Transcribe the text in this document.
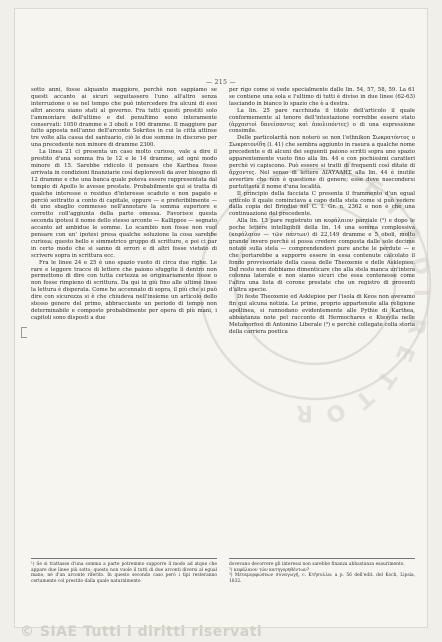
I
E
T
A
D
I
R
E
T
T
O
R
— 215 —

sotto anni, fosse alquanto maggiore, perchè non sappiamo se questi accanto ai sicuri seguitassero l'uno all'altro senza interruzione o se nel tempo che può intercedere fra alcuni di essi altri ancora siano stati al governo. Fra tutti questi prestiti solo l'ammontare dell'ultimo e del penultimo sono interamente conservati: 1050 dramme e 3 oboli e 190 dramme. Il maggiore par fatto apposta nell'anno dell'arconte Sokritos in cui la città attinse tre volte alla cassa del santuario, ciò le due somme in discorso per una precedente non minore di dramme 2300.

La linea 21 ci presenta un caso molto curioso, vale a dire il prestito d'una somma fra le 12 e le 14 dramme, ad ogni modo minore di 15. Sarebbe ridicolo il pensare che Karthea fosse arrivata in condizioni finanziarie così deplorevoli da aver bisogno di 12 dramme e che una banca quale poteva essere rappresentata dal tempio di Apollo le avesse prestate. Probabilmente qui si tratta di qualche interesse o residuo d'interesse scaduto e non pagato e perciò sottratto a conto di capitale, oppure — e preferibilmente — di uno sbaglio commesso nell'annotare la somma superiore e corretto coll'aggiunta della parte omessa. Favorisce questa seconda ipotesi il nome dello stesso arconte — Kallippos — segnato accanto ad ambidue le somme. Lo scambio non fosse non vuol pensare con un' ipotesi presa qualche soluzione la cosa sarebbe curiosa; questo bello e simmetrico gruppo di scritture, e poi ci par in certo modo che si sanno di errori e di altri fosse vietato di scrivere sopra in scrittura ecc.

Fra le linee 24 e 25 è uno spazio vuoto di circa due righe. Le rare e leggere tracce di lettere che paiono sfuggite lì dentro non permettono di dire con tutta certezza se originariamente fosse o non fosse rimpieno di scrittura. Da qui in giù fino alle ultime linee la lettura è disperata. Come ho accennato di sopra, il più che si può dire con sicurezza si è che chiudeva nell'insieme un articolo dello stesso genere del primo, abbracciante un periodo di tempo non determinabile e composto probabilmente per opera di più mani, i capitoli sono disposti a due

per rigo come si vede specialmente dalle lin. 54, 57, 58, 59. La 61 se contiene una sola e l'ultimo di tutti è diviso in due linee (62-63) lasciando in bianco lo spazio che è a destra.

La lin. 25 pare racchiuda il titolo dell'articolo il quale conformemente al tenore dell'intestazione vorrebbe essere stato (ἀρχαστοὶ δανείσαντες καὶ ἀπολιπόντες) o di una espressione consimile.

Delle particolarità non noterò se non l'ethnikon Σωκρατόντος ο Σωκρατονίδη (l. 41) che sembra aggiunto in rasura a qualche nome precedente e di alcuni dei seguenti paiono scritti sopra uno spazio apparentemente vuoto fino alla lin. 44 e con pochissimi caratteri perchè vi capiscono. Può essere si tratti di frequenti così ditate di ἄρχοντες. Nel senso di lettere ΔΙΑΥΑΔΗΣ alla lin. 44 è inutile avvertire che non è questione di genere; esse deve nascondersi purtuttavia il nome d'una località.

Il principio della facciata C presenta il frammento d'un egual articolo il quale cominciava a capo della stela come si può vedere dalla copia del Brindisi nel C. I. Gr. n. 2362 e non è che una continuazione del precedente.

Alla lin. 13 pare registrato un κεφάλαιον parziale (²) e dopo le poche lettere intelligibili della lin. 14 una somma complessiva (κεφάλαιον — τῶν πάντων) di 22,149 dramme e 5 oboli, molto grande invero perchè si possa credere composta dalle sole decime notate sulla stela — comprendendovi pure anche le perdute — e che portarebbe a supporre essere in essa contenute calcolato il fondo provvisoriale della cassa delle Theoxenie e delle Asklepiee. Del resto non dobbiamo dimenticare che alla stela manca un'intera colonna laterale e non siamo sicuri che essa contenesse come l'altra una lista di corone prestate che un registro di proventi d'altra specie.

Di feste Theoxenie ed Asklepiee per l'isola di Keos non avevamo fin qui alcuna notizia. Le prime, proprio appartenute alla religione apollinea, si rannodano evidentemente alle Pythie di Karthea, abbastanza note pel racconto di Hermochares e Ktesylla nelle Metamorfosi di Antonino Liberale (³) e perchè collegate colla storia della carriera poetica

¹) Se si trattasse d'una somma a parte potremmo supporre il modo ad atque che appare due linee più sotto; questo non vuole il tutti di due arconti diversi al egual mano, nè d'un arconte riferito. In questo secondo caso però i tipi resteranno certamente col prestito dalla quale naturalmente

dovevano decorrere gli interessi non sarebbe finanza abbastanza esaurimento.
²) κεφάλαιον τῶν κατηγορηθέντων?
³) Μεταμορφώσεων συναγωγή, c. Κτήσυλλα: a p. 56 dell'edit. del Koch, Lipsia, 1832.

© SIAE Tutti i diritti riservati
